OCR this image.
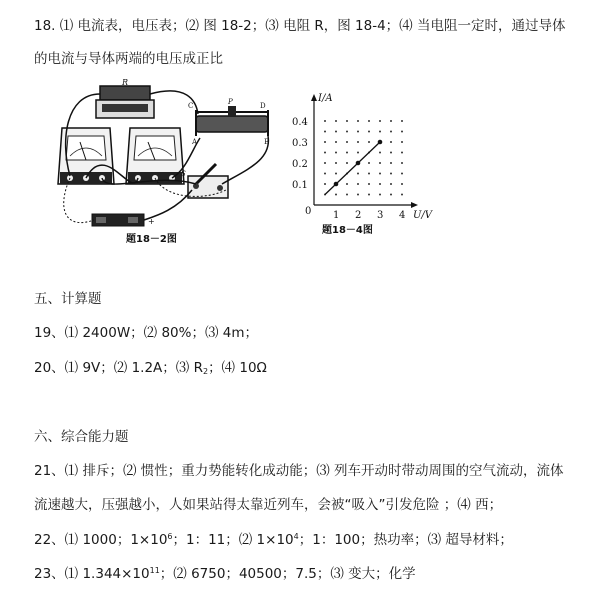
18. ⑴ 电流表，电压表；⑵ 图 18-2；⑶ 电阻 R，图 18-4；⑷ 当电阻一定时，通过导体
的电流与导体两端的电压成正比
R
C	P	D
A	B
S
+
题18－2图
I/A
U/V
0 1 2 3 4
0.1
0.2
0.3
0.4
题18－4图
五、计算题
19、⑴ 2400W；⑵ 80%；⑶ 4m；
20、⑴ 9V；⑵ 1.2A；⑶ $R_2$；⑷ 10Ω
六、综合能力题
21、⑴ 排斥；⑵ 惯性；重力势能转化成动能；⑶ 列车开动时带动周围的空气流动，流体
流速越大，压强越小，人如果站得太靠近列车，会被“吸入”引发危险 ；⑷ 西；
22、⑴ 1000；$1\times 10^6$；1：11；⑵ $1\times 10^4$；1：100；热功率；⑶ 超导材料；
23、⑴ $1.344\times 10^{11}$；⑵ 6750；40500；7.5；⑶ 变大；化学
